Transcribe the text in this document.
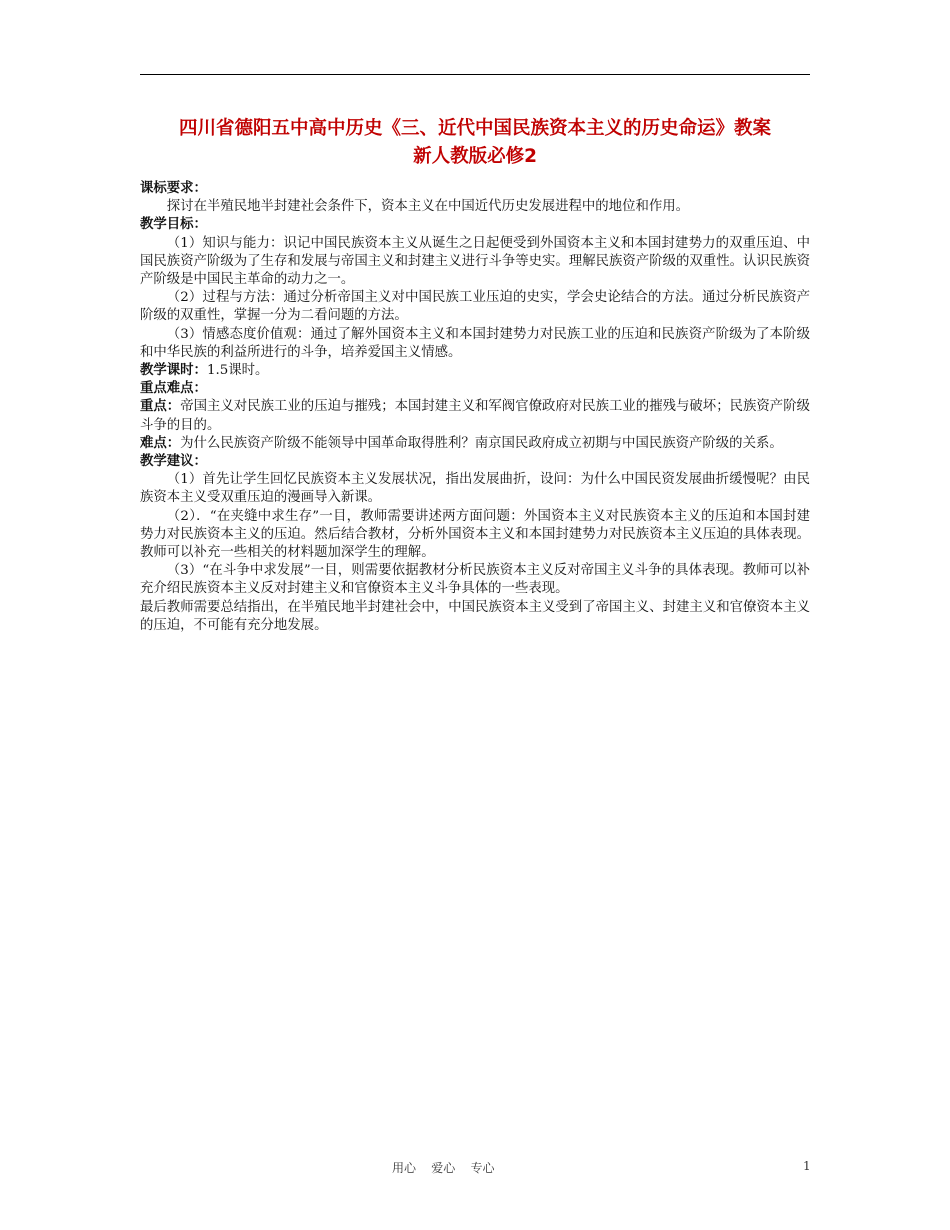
四川省德阳五中高中历史《三、近代中国民族资本主义的历史命运》教案
新人教版必修2
课标要求：

探讨在半殖民地半封建社会条件下，资本主义在中国近代历史发展进程中的地位和作用。

教学目标：

（1）知识与能力：识记中国民族资本主义从诞生之日起便受到外国资本主义和本国封建势力的双重压迫、中国民族资产阶级为了生存和发展与帝国主义和封建主义进行斗争等史实。理解民族资产阶级的双重性。认识民族资产阶级是中国民主革命的动力之一。

（2）过程与方法：通过分析帝国主义对中国民族工业压迫的史实，学会史论结合的方法。通过分析民族资产阶级的双重性，掌握一分为二看问题的方法。

（3）情感态度价值观：通过了解外国资本主义和本国封建势力对民族工业的压迫和民族资产阶级为了本阶级和中华民族的利益所进行的斗争，培养爱国主义情感。

教学课时：1.5课时。
重点难点：

重点：帝国主义对民族工业的压迫与摧残；本国封建主义和军阀官僚政府对民族工业的摧残与破坏；民族资产阶级斗争的目的。

难点：为什么民族资产阶级不能领导中国革命取得胜利？南京国民政府成立初期与中国民族资产阶级的关系。

教学建议：

（1）首先让学生回忆民族资本主义发展状况，指出发展曲折，设问：为什么中国民资发展曲折缓慢呢？由民族资本主义受双重压迫的漫画导入新课。

（2）．“在夹缝中求生存”一目，教师需要讲述两方面问题：外国资本主义对民族资本主义的压迫和本国封建势力对民族资本主义的压迫。然后结合教材，分析外国资本主义和本国封建势力对民族资本主义压迫的具体表现。教师可以补充一些相关的材料题加深学生的理解。

（3）“在斗争中求发展”一目，则需要依据教材分析民族资本主义反对帝国主义斗争的具体表现。教师可以补充介绍民族资本主义反对封建主义和官僚资本主义斗争具体的一些表现。

最后教师需要总结指出，在半殖民地半封建社会中，中国民族资本主义受到了帝国主义、封建主义和官僚资本主义的压迫，不可能有充分地发展。

用心    爱心    专心	1
